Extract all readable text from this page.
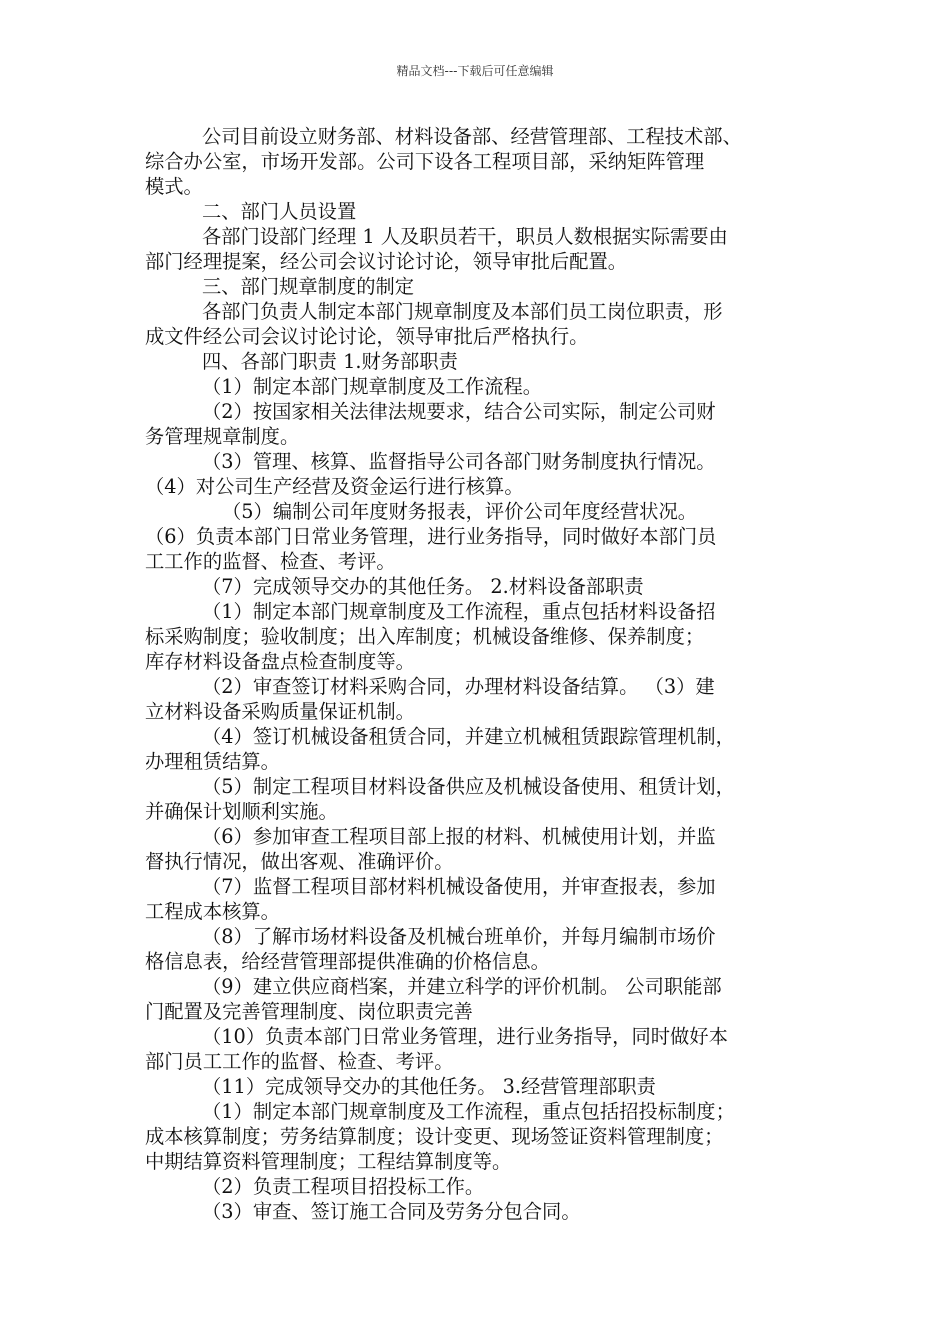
精品文档---下载后可任意编辑

公司目前设立财务部、材料设备部、经营管理部、工程技术部、

综合办公室，市场开发部。公司下设各工程项目部，采纳矩阵管理

模式。

二、部门人员设置

各部门设部门经理 1 人及职员若干，职员人数根据实际需要由

部门经理提案，经公司会议讨论讨论，领导审批后配置。

三、部门规章制度的制定

各部门负责人制定本部门规章制度及本部们员工岗位职责，形

成文件经公司会议讨论讨论，领导审批后严格执行。

四、各部门职责 1.财务部职责

（1）制定本部门规章制度及工作流程。

（2）按国家相关法律法规要求，结合公司实际，制定公司财

务管理规章制度。

（3）管理、核算、监督指导公司各部门财务制度执行情况。

（4）对公司生产经营及资金运行进行核算。

（5）编制公司年度财务报表，评价公司年度经营状况。

（6）负责本部门日常业务管理，进行业务指导，同时做好本部门员

工工作的监督、检查、考评。

（7）完成领导交办的其他任务。 2.材料设备部职责

（1）制定本部门规章制度及工作流程，重点包括材料设备招

标采购制度；验收制度；出入库制度；机械设备维修、保养制度；

库存材料设备盘点检查制度等。

（2）审查签订材料采购合同，办理材料设备结算。 （3）建

立材料设备采购质量保证机制。

（4）签订机械设备租赁合同，并建立机械租赁跟踪管理机制，

办理租赁结算。

（5）制定工程项目材料设备供应及机械设备使用、租赁计划，

并确保计划顺利实施。

（6）参加审查工程项目部上报的材料、机械使用计划，并监

督执行情况，做出客观、准确评价。

（7）监督工程项目部材料机械设备使用，并审查报表，参加

工程成本核算。

（8）了解市场材料设备及机械台班单价，并每月编制市场价

格信息表，给经营管理部提供准确的价格信息。

（9）建立供应商档案，并建立科学的评价机制。 公司职能部

门配置及完善管理制度、岗位职责完善

（10）负责本部门日常业务管理，进行业务指导，同时做好本

部门员工工作的监督、检查、考评。

（11）完成领导交办的其他任务。 3.经营管理部职责

（1）制定本部门规章制度及工作流程，重点包括招投标制度；

成本核算制度；劳务结算制度；设计变更、现场签证资料管理制度；

中期结算资料管理制度；工程结算制度等。

（2）负责工程项目招投标工作。

（3）审查、签订施工合同及劳务分包合同。
